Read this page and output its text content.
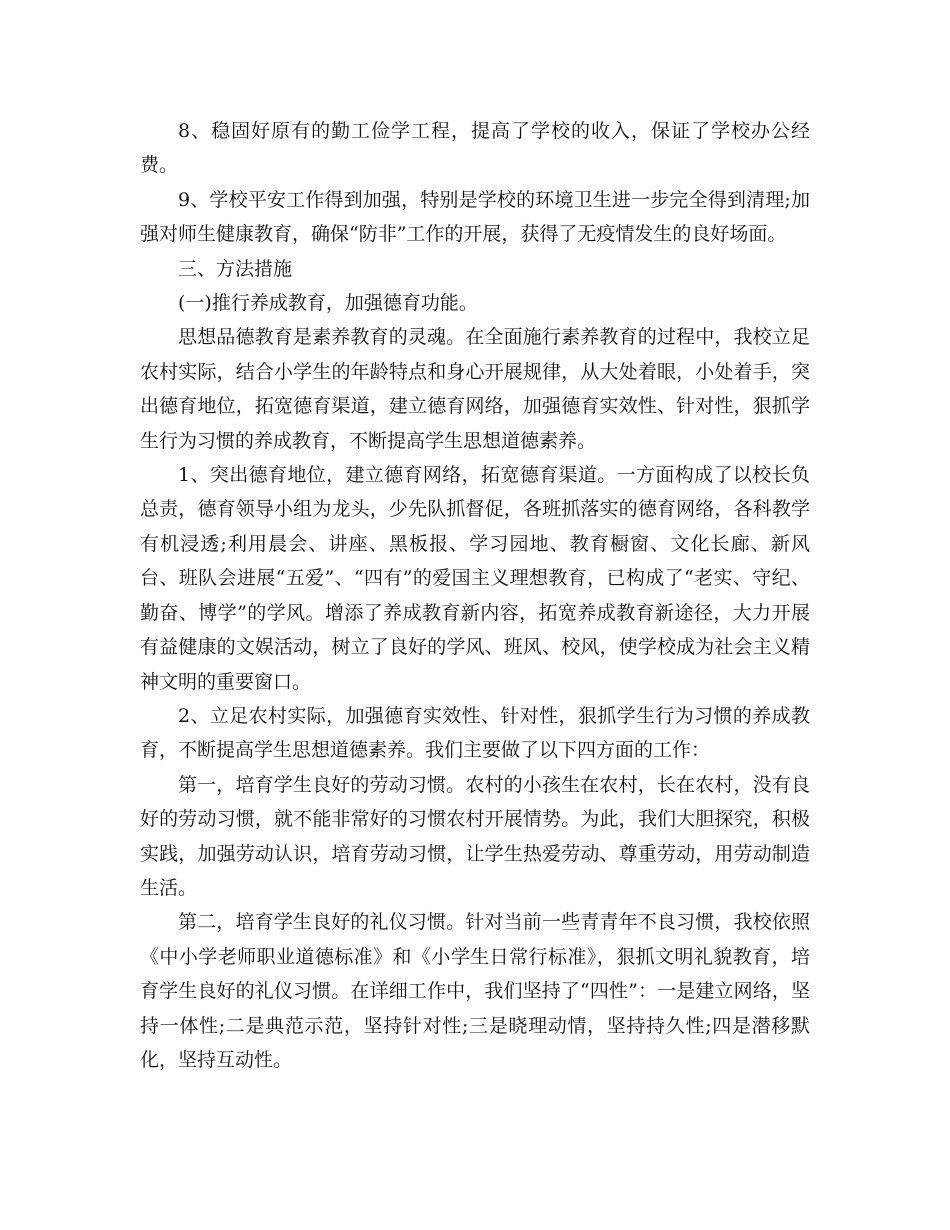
8、稳固好原有的勤工俭学工程，提高了学校的收入，保证了学校办公经费。

9、学校平安工作得到加强，特别是学校的环境卫生进一步完全得到清理;加强对师生健康教育，确保“防非”工作的开展，获得了无疫情发生的良好场面。

三、方法措施

(一)推行养成教育，加强德育功能。

思想品德教育是素养教育的灵魂。在全面施行素养教育的过程中，我校立足农村实际，结合小学生的年龄特点和身心开展规律，从大处着眼，小处着手，突出德育地位，拓宽德育渠道，建立德育网络，加强德育实效性、针对性，狠抓学生行为习惯的养成教育，不断提高学生思想道德素养。

1、突出德育地位，建立德育网络，拓宽德育渠道。一方面构成了以校长负总责，德育领导小组为龙头，少先队抓督促，各班抓落实的德育网络，各科教学有机浸透;利用晨会、讲座、黑板报、学习园地、教育橱窗、文化长廊、新风台、班队会进展“五爱”、“四有”的爱国主义理想教育，已构成了“老实、守纪、勤奋、博学”的学风。增添了养成教育新内容，拓宽养成教育新途径，大力开展有益健康的文娱活动，树立了良好的学风、班风、校风，使学校成为社会主义精神文明的重要窗口。

2、立足农村实际，加强德育实效性、针对性，狠抓学生行为习惯的养成教育，不断提高学生思想道德素养。我们主要做了以下四方面的工作：

第一，培育学生良好的劳动习惯。农村的小孩生在农村，长在农村，没有良好的劳动习惯，就不能非常好的习惯农村开展情势。为此，我们大胆探究，积极实践，加强劳动认识，培育劳动习惯，让学生热爱劳动、尊重劳动，用劳动制造生活。

第二，培育学生良好的礼仪习惯。针对当前一些青青年不良习惯，我校依照《中小学老师职业道德标准》和《小学生日常行标准》，狠抓文明礼貌教育，培育学生良好的礼仪习惯。在详细工作中，我们坚持了“四性”：一是建立网络，坚持一体性;二是典范示范，坚持针对性;三是晓理动情，坚持持久性;四是潜移默化，坚持互动性。
